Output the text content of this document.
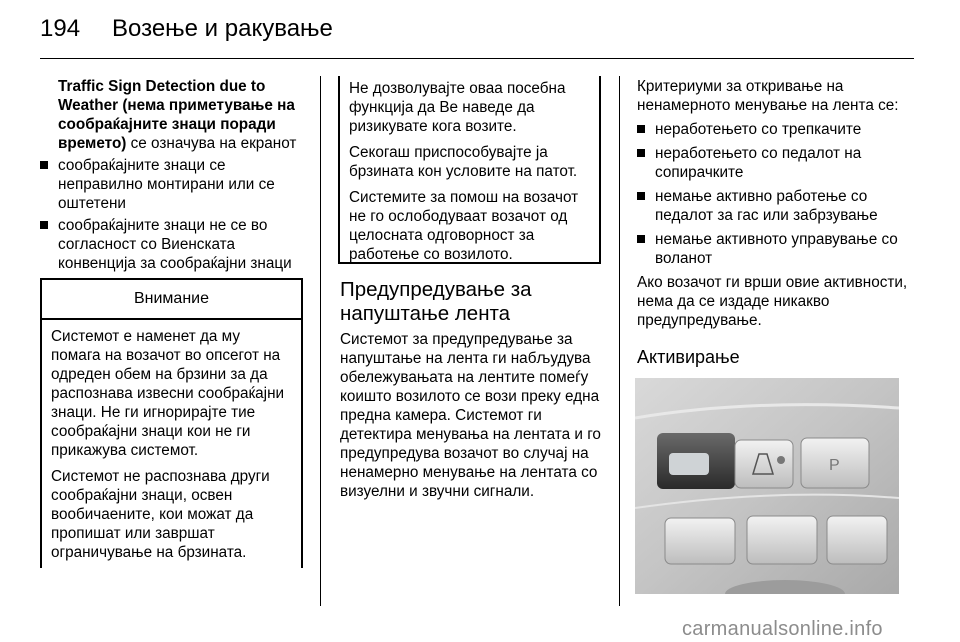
194 Возење и ракување

Traffic Sign Detection due to Weather (нема приметување на сообраќајните знаци поради времето) се означува на екранот

сообраќајните знаци се неправилно монтирани или се оштетени
сообраќајните знаци не се во согласност со Виенската конвенција за сообраќајни знаци
Внимание

Системот е наменет да му помага на возачот во опсегот на одреден обем на брзини за да распознава извесни сообраќајни знаци. Не ги игнорирајте тие сообраќајни знаци кои не ги прикажува системот.

Системот не распознава други сообраќајни знаци, освен вообичаените, кои можат да пропишат или завршат ограничување на брзината.

Не дозволувајте оваа посебна функција да Ве наведе да ризикувате кога возите.

Секогаш приспособувајте ја брзината кон условите на патот.

Системите за помош на возачот не го ослободуваат возачот од целосната одговорност за работење со возилото.

Предупредување за напуштање лента

Системот за предупредување за напуштање на лента ги набљудува обележувањата на лентите помеѓу коишто возилото се вози преку една предна камера. Системот ги детектира менувања на лентата и го предупредува возачот во случај на ненамерно менување на лентата со визуелни и звучни сигнали.

Критериуми за откривање на ненамерното менување на лента се:

неработењето со трепкачите
неработењето со педалот на сопирачките
немање активно работење со педалот за гас или забрзување
немање активното управување со воланот

Ако возачот ги врши овие активности, нема да се издаде никакво предупредување.

Активирање
P
carmanualsonline.info
